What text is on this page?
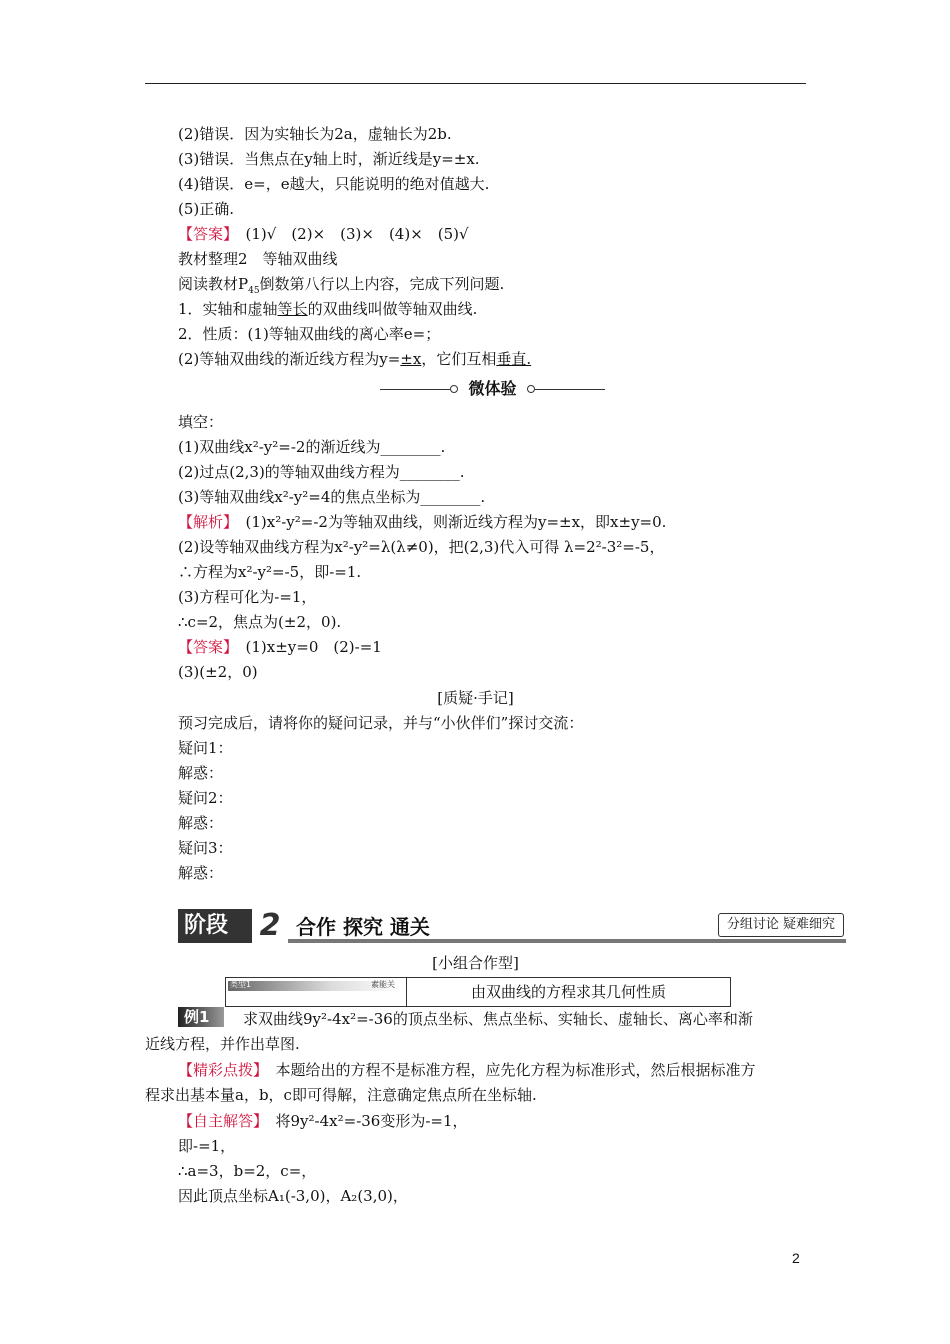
(2)错误．因为实轴长为2a，虚轴长为2b.
(3)错误．当焦点在y轴上时，渐近线是y=±x.
(4)错误．e=，e越大，只能说明的绝对值越大.
(5)正确.
【答案】　(1)√　(2)×　(3)×　(4)×　(5)√
教材整理2　等轴双曲线
阅读教材$P_{45}$倒数第八行以上内容，完成下列问题.
1．实轴和虚轴等长的双曲线叫做等轴双曲线.
2．性质：(1)等轴双曲线的离心率e=；
(2)等轴双曲线的渐近线方程为y=±x，它们互相垂直.
微体验
填空：
(1)双曲线x²-y²=-2的渐近线为________.
(2)过点(2,3)的等轴双曲线方程为________.
(3)等轴双曲线x²-y²=4的焦点坐标为________.
【解析】　(1)x²-y²=-2为等轴双曲线，则渐近线方程为y=±x，即x±y=0.
(2)设等轴双曲线方程为x²-y²=λ(λ≠0)，把(2,3)代入可得 λ=2²-3²=-5，
∴方程为x²-y²=-5，即-=1.
(3)方程可化为-=1，
∴c=2，焦点为(±2，0).
【答案】　(1)x±y=0　(2)-=1
(3)(±2，0)
[质疑·手记]
预习完成后，请将你的疑问记录，并与“小伙伴们”探讨交流：
疑问1：
解惑：
疑问2：
解惑：
疑问3：
解惑：
阶段	2 合作 探究 通关	分组讨论 疑难细究
[小组合作型]
类型1	素能关	由双曲线的方程求其几何性质
例1	　求双曲线9y²-4x²=-36的顶点坐标、焦点坐标、实轴长、虚轴长、离心率和渐
近线方程，并作出草图.
【精彩点拨】　本题给出的方程不是标准方程，应先化方程为标准形式，然后根据标准方
程求出基本量a，b，c即可得解，注意确定焦点所在坐标轴.
【自主解答】　将9y²-4x²=-36变形为-=1，
即-=1，
∴a=3，b=2，c=，
因此顶点坐标A₁(-3,0)，A₂(3,0)，
2
